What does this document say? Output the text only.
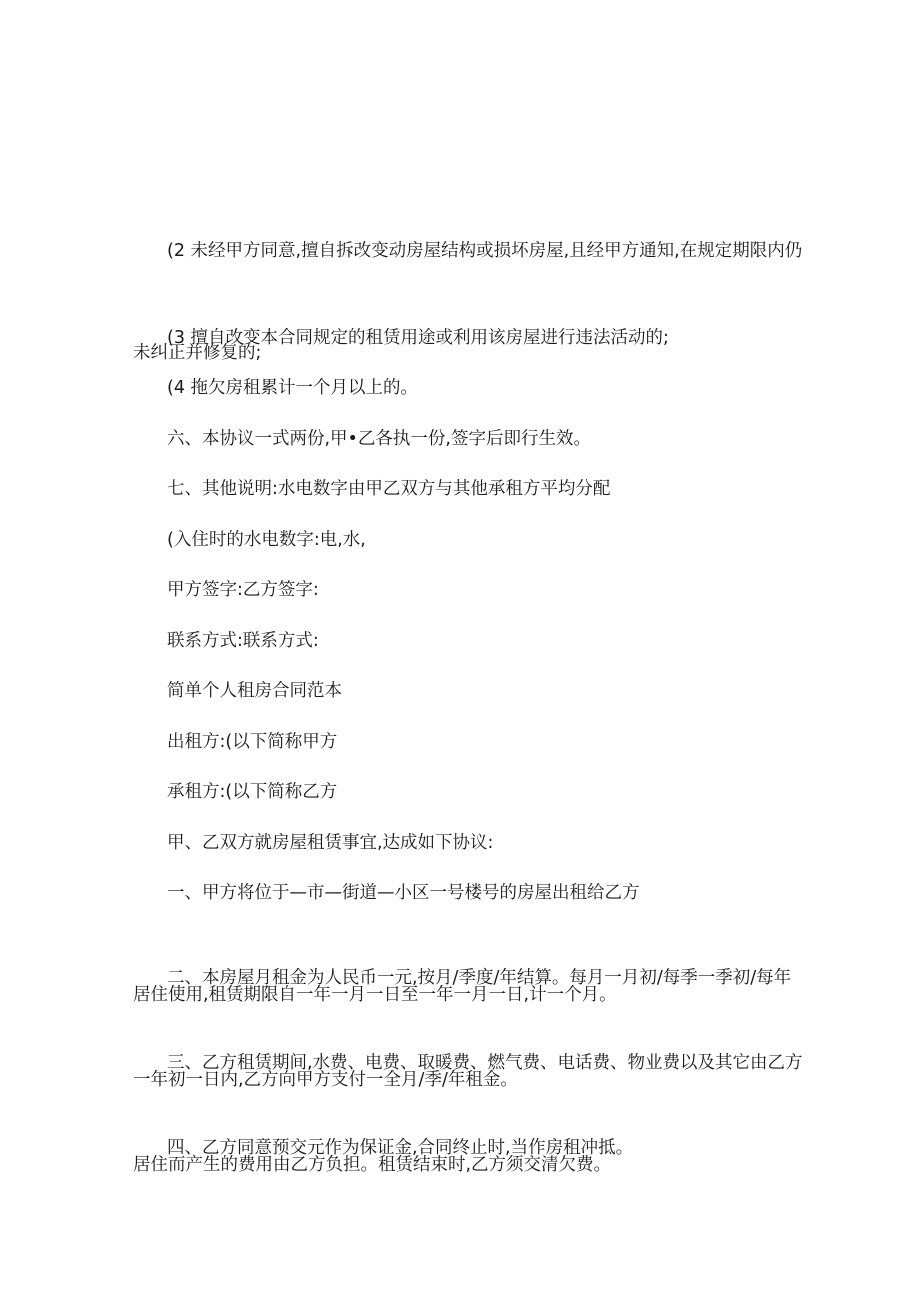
(2 未经甲方同意,擅自拆改变动房屋结构或损坏房屋,且经甲方通知,在规定期限内仍

未纠正并修复的;

(3 擅自改变本合同规定的租赁用途或利用该房屋进行违法活动的;

(4 拖欠房租累计一个月以上的。

六、本协议一式两份,甲•乙各执一份,签字后即行生效。

七、其他说明:水电数字由甲乙双方与其他承租方平均分配

(入住时的水电数字:电,水,

甲方签字:乙方签字:

联系方式:联系方式:

简单个人租房合同范本

出租方:(以下简称甲方

承租方:(以下简称乙方

甲、乙双方就房屋租赁事宜,达成如下协议:

一、甲方将位于—市—街道—小区一号楼号的房屋出租给乙方

居住使用,租赁期限自一年一月一日至一年一月一日,计一个月。

二、本房屋月租金为人民币一元,按月/季度/年结算。每月一月初/每季一季初/每年

一年初一日内,乙方向甲方支付一全月/季/年租金。

三、乙方租赁期间,水费、电费、取暖费、燃气费、电话费、物业费以及其它由乙方

居住而产生的费用由乙方负担。租赁结束时,乙方须交清欠费。

四、乙方同意预交元作为保证金,合同终止时,当作房租冲抵。
